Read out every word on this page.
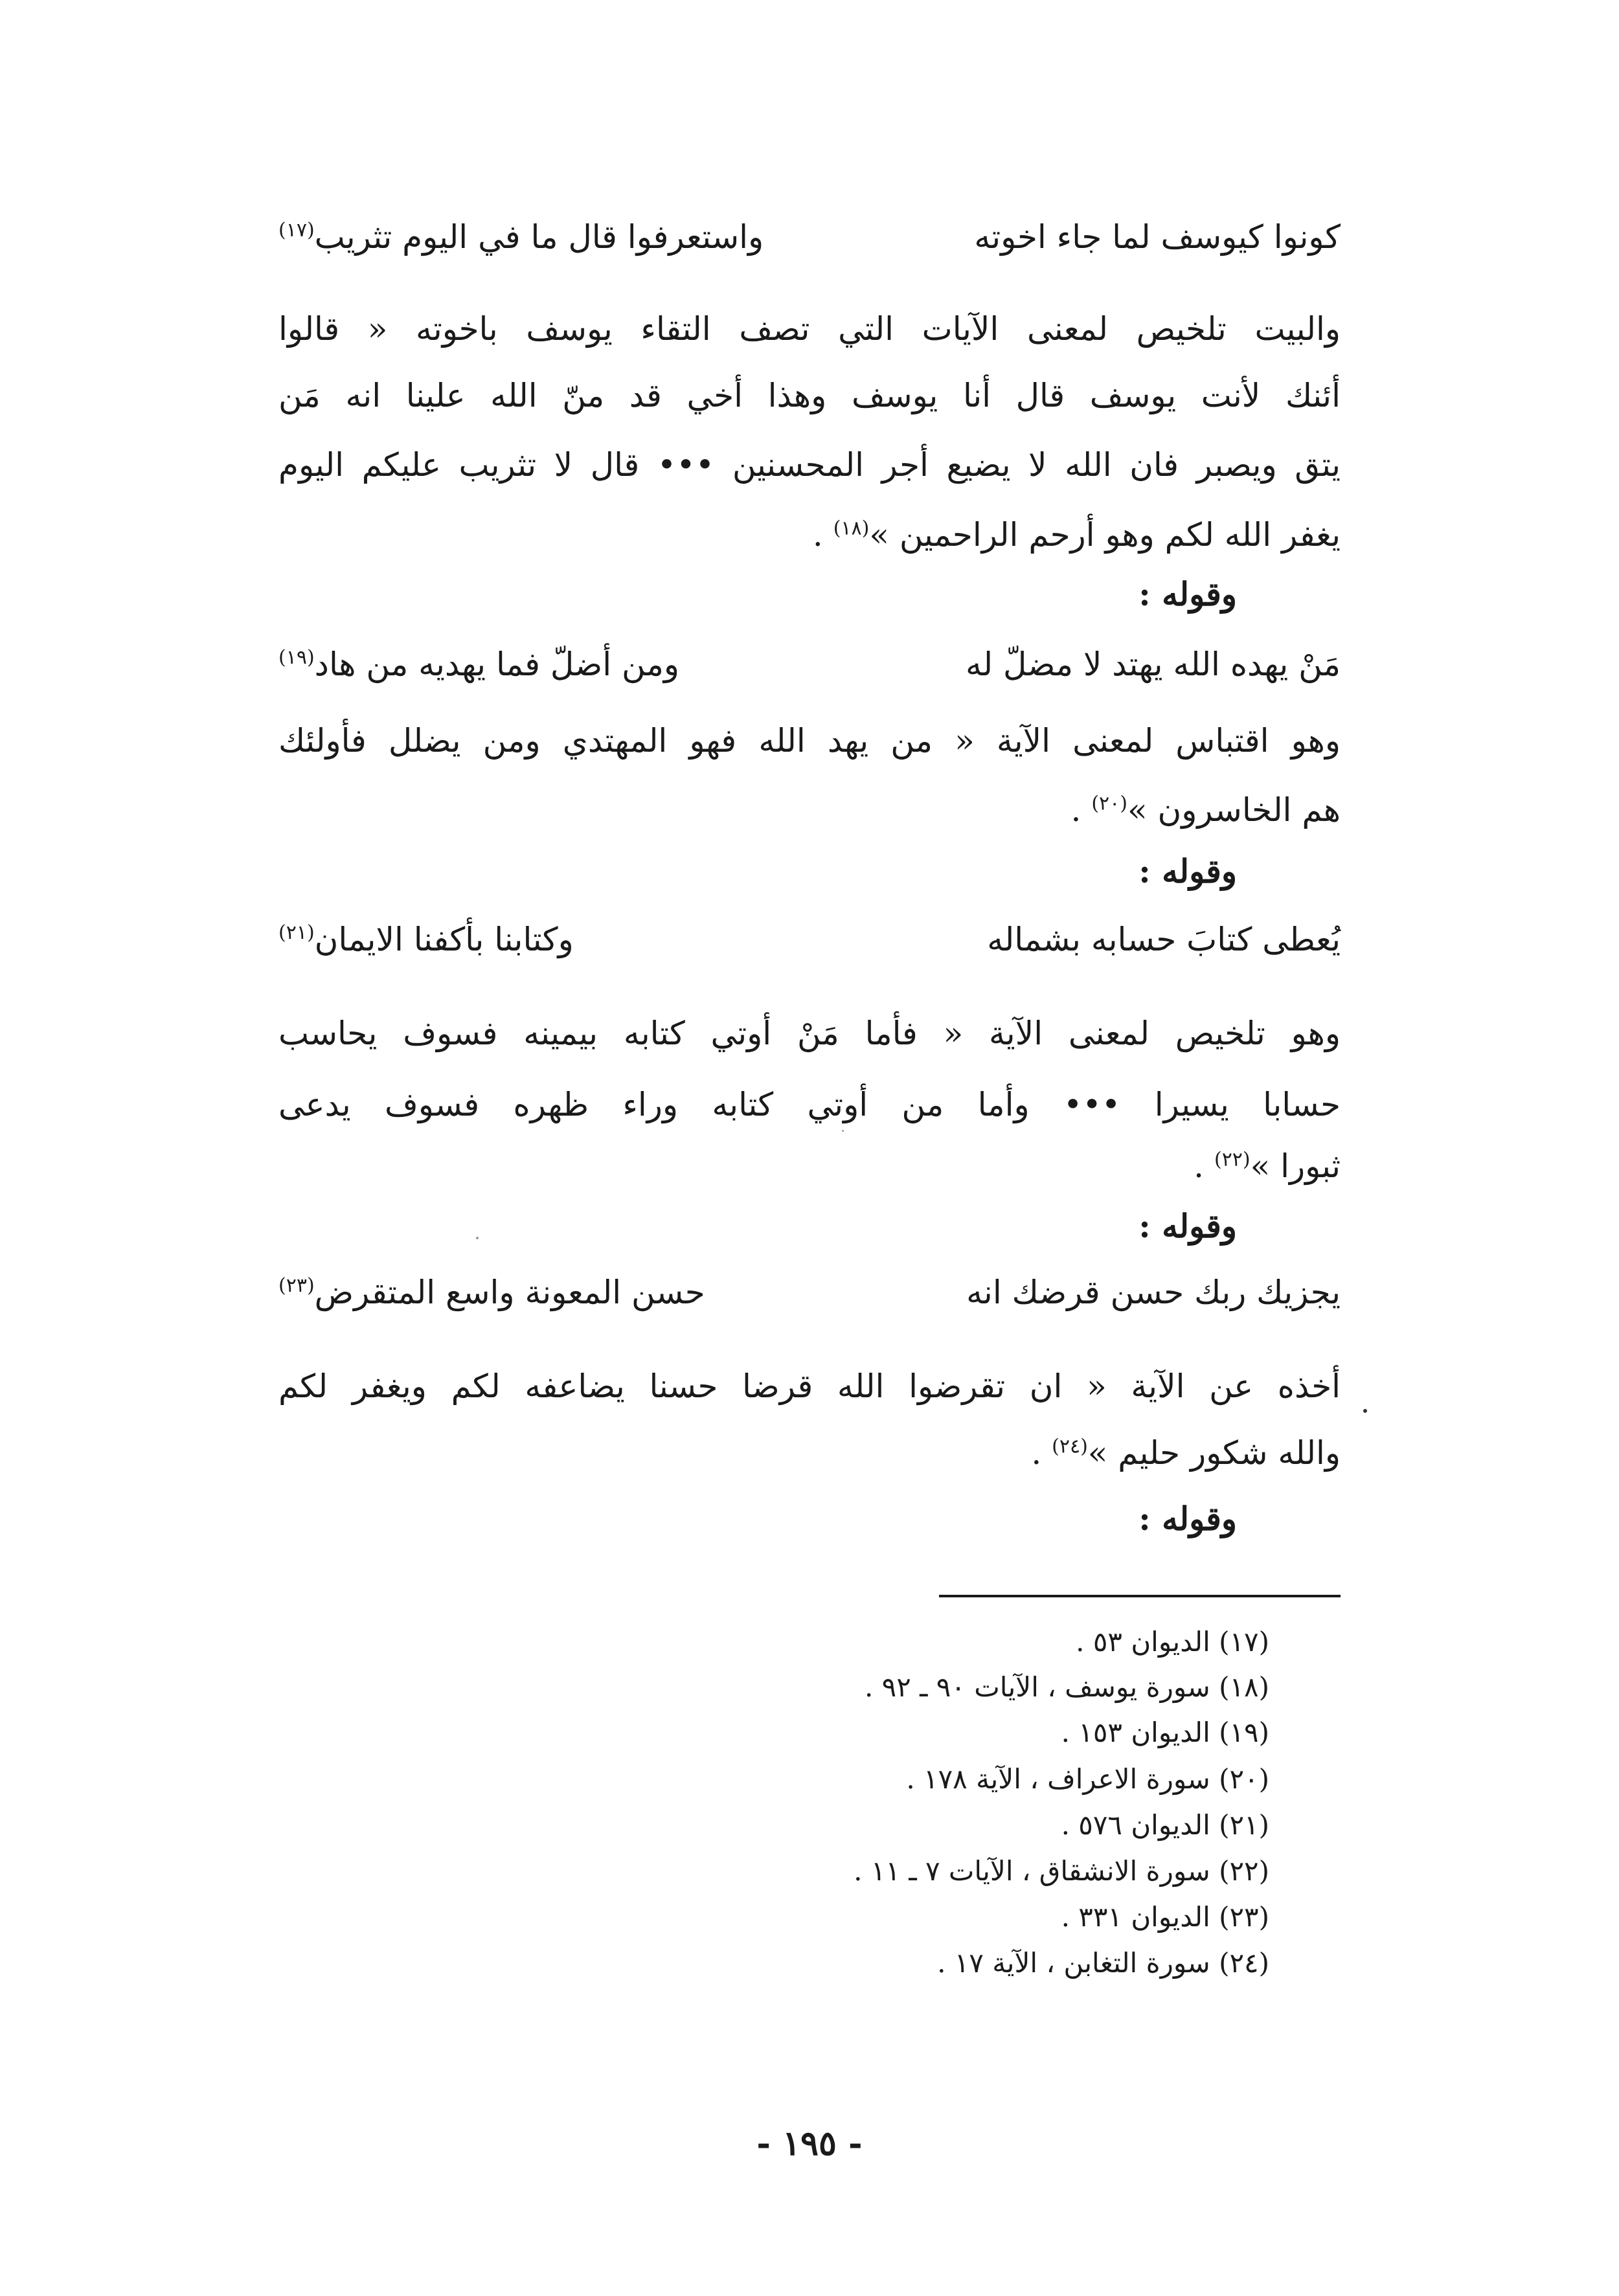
كونوا كيوسف لما جاء اخوته
واستعرفوا قال ما في اليوم تثريب(١٧)
والبيت تلخيص لمعنى الآيات التي تصف التقاء يوسف باخوته « قالوا
أئنك لأنت يوسف قال أنا يوسف وهذا أخي قد منّ الله علينا انه مَن
يتق ويصبر فان الله لا يضيع أجر المحسنين ••• قال لا تثريب عليكم اليوم
يغفر الله لكم وهو أرحم الراحمين »$^{(١٨)}$ .
وقوله :
مَنْ يهده الله يهتد لا مضلّ له
ومن أضلّ فما يهديه من هاد(١٩)
وهو اقتباس لمعنى الآية « من يهد الله فهو المهتدي ومن يضلل فأولئك
هم الخاسرون »$^{(٢٠)}$ .
وقوله :
يُعطى كتابَ حسابه بشماله
وكتابنا بأكفنا الايمان(٢١)
وهو تلخيص لمعنى الآية « فأما مَنْ أوتي كتابه بيمينه فسوف يحاسب
حسابا يسيرا ••• وأما من أوتي كتابه وراء ظهره فسوف يدعى
ثبورا »$^{(٢٢)}$ .
وقوله :
يجزيك ربك حسن قرضك انه
حسن المعونة واسع المتقرض(٢٣)
أخذه عن الآية « ان تقرضوا الله قرضا حسنا يضاعفه لكم ويغفر لكم
والله شكور حليم »$^{(٢٤)}$ .
وقوله :
(١٧) الديوان ٥٣ .
(١٨) سورة يوسف ، الآيات ٩٠ ـ ٩٢ .
(١٩) الديوان ١٥٣ .
(٢٠) سورة الاعراف ، الآية ١٧٨ .
(٢١) الديوان ٥٧٦ .
(٢٢) سورة الانشقاق ، الآيات ٧ ـ ١١ .
(٢٣) الديوان ٣٣١ .
(٢٤) سورة التغابن ، الآية ١٧ .
- ١٩٥ -
